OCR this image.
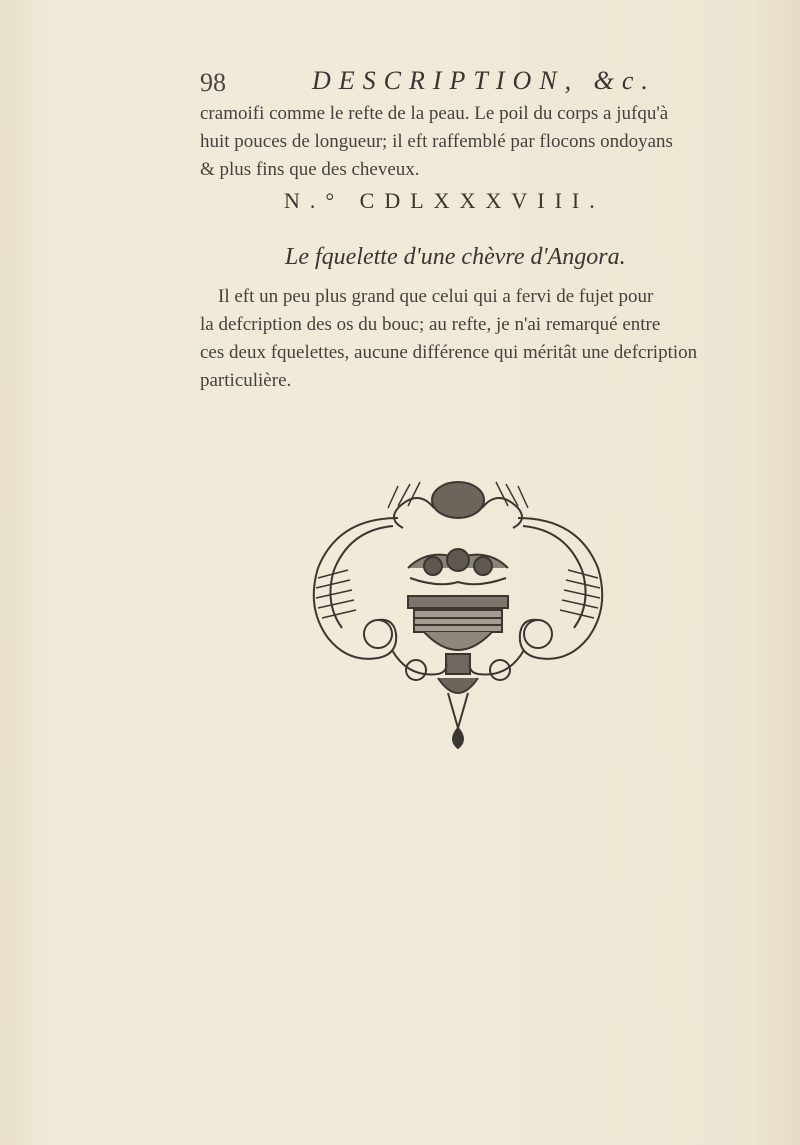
98	DESCRIPTION, &c.
cramoifi comme le refte de la peau. Le poil du corps a jufqu'à
huit pouces de longueur; il eft raffemblé par flocons ondoyans
& plus fins que des cheveux.
N.° CDLXXXVIII.
Le fquelette d'une chèvre d'Angora.
Il eft un peu plus grand que celui qui a fervi de fujet pour
la defcription des os du bouc; au refte, je n'ai remarqué entre
ces deux fquelettes, aucune différence qui méritât une defcription
particulière.
